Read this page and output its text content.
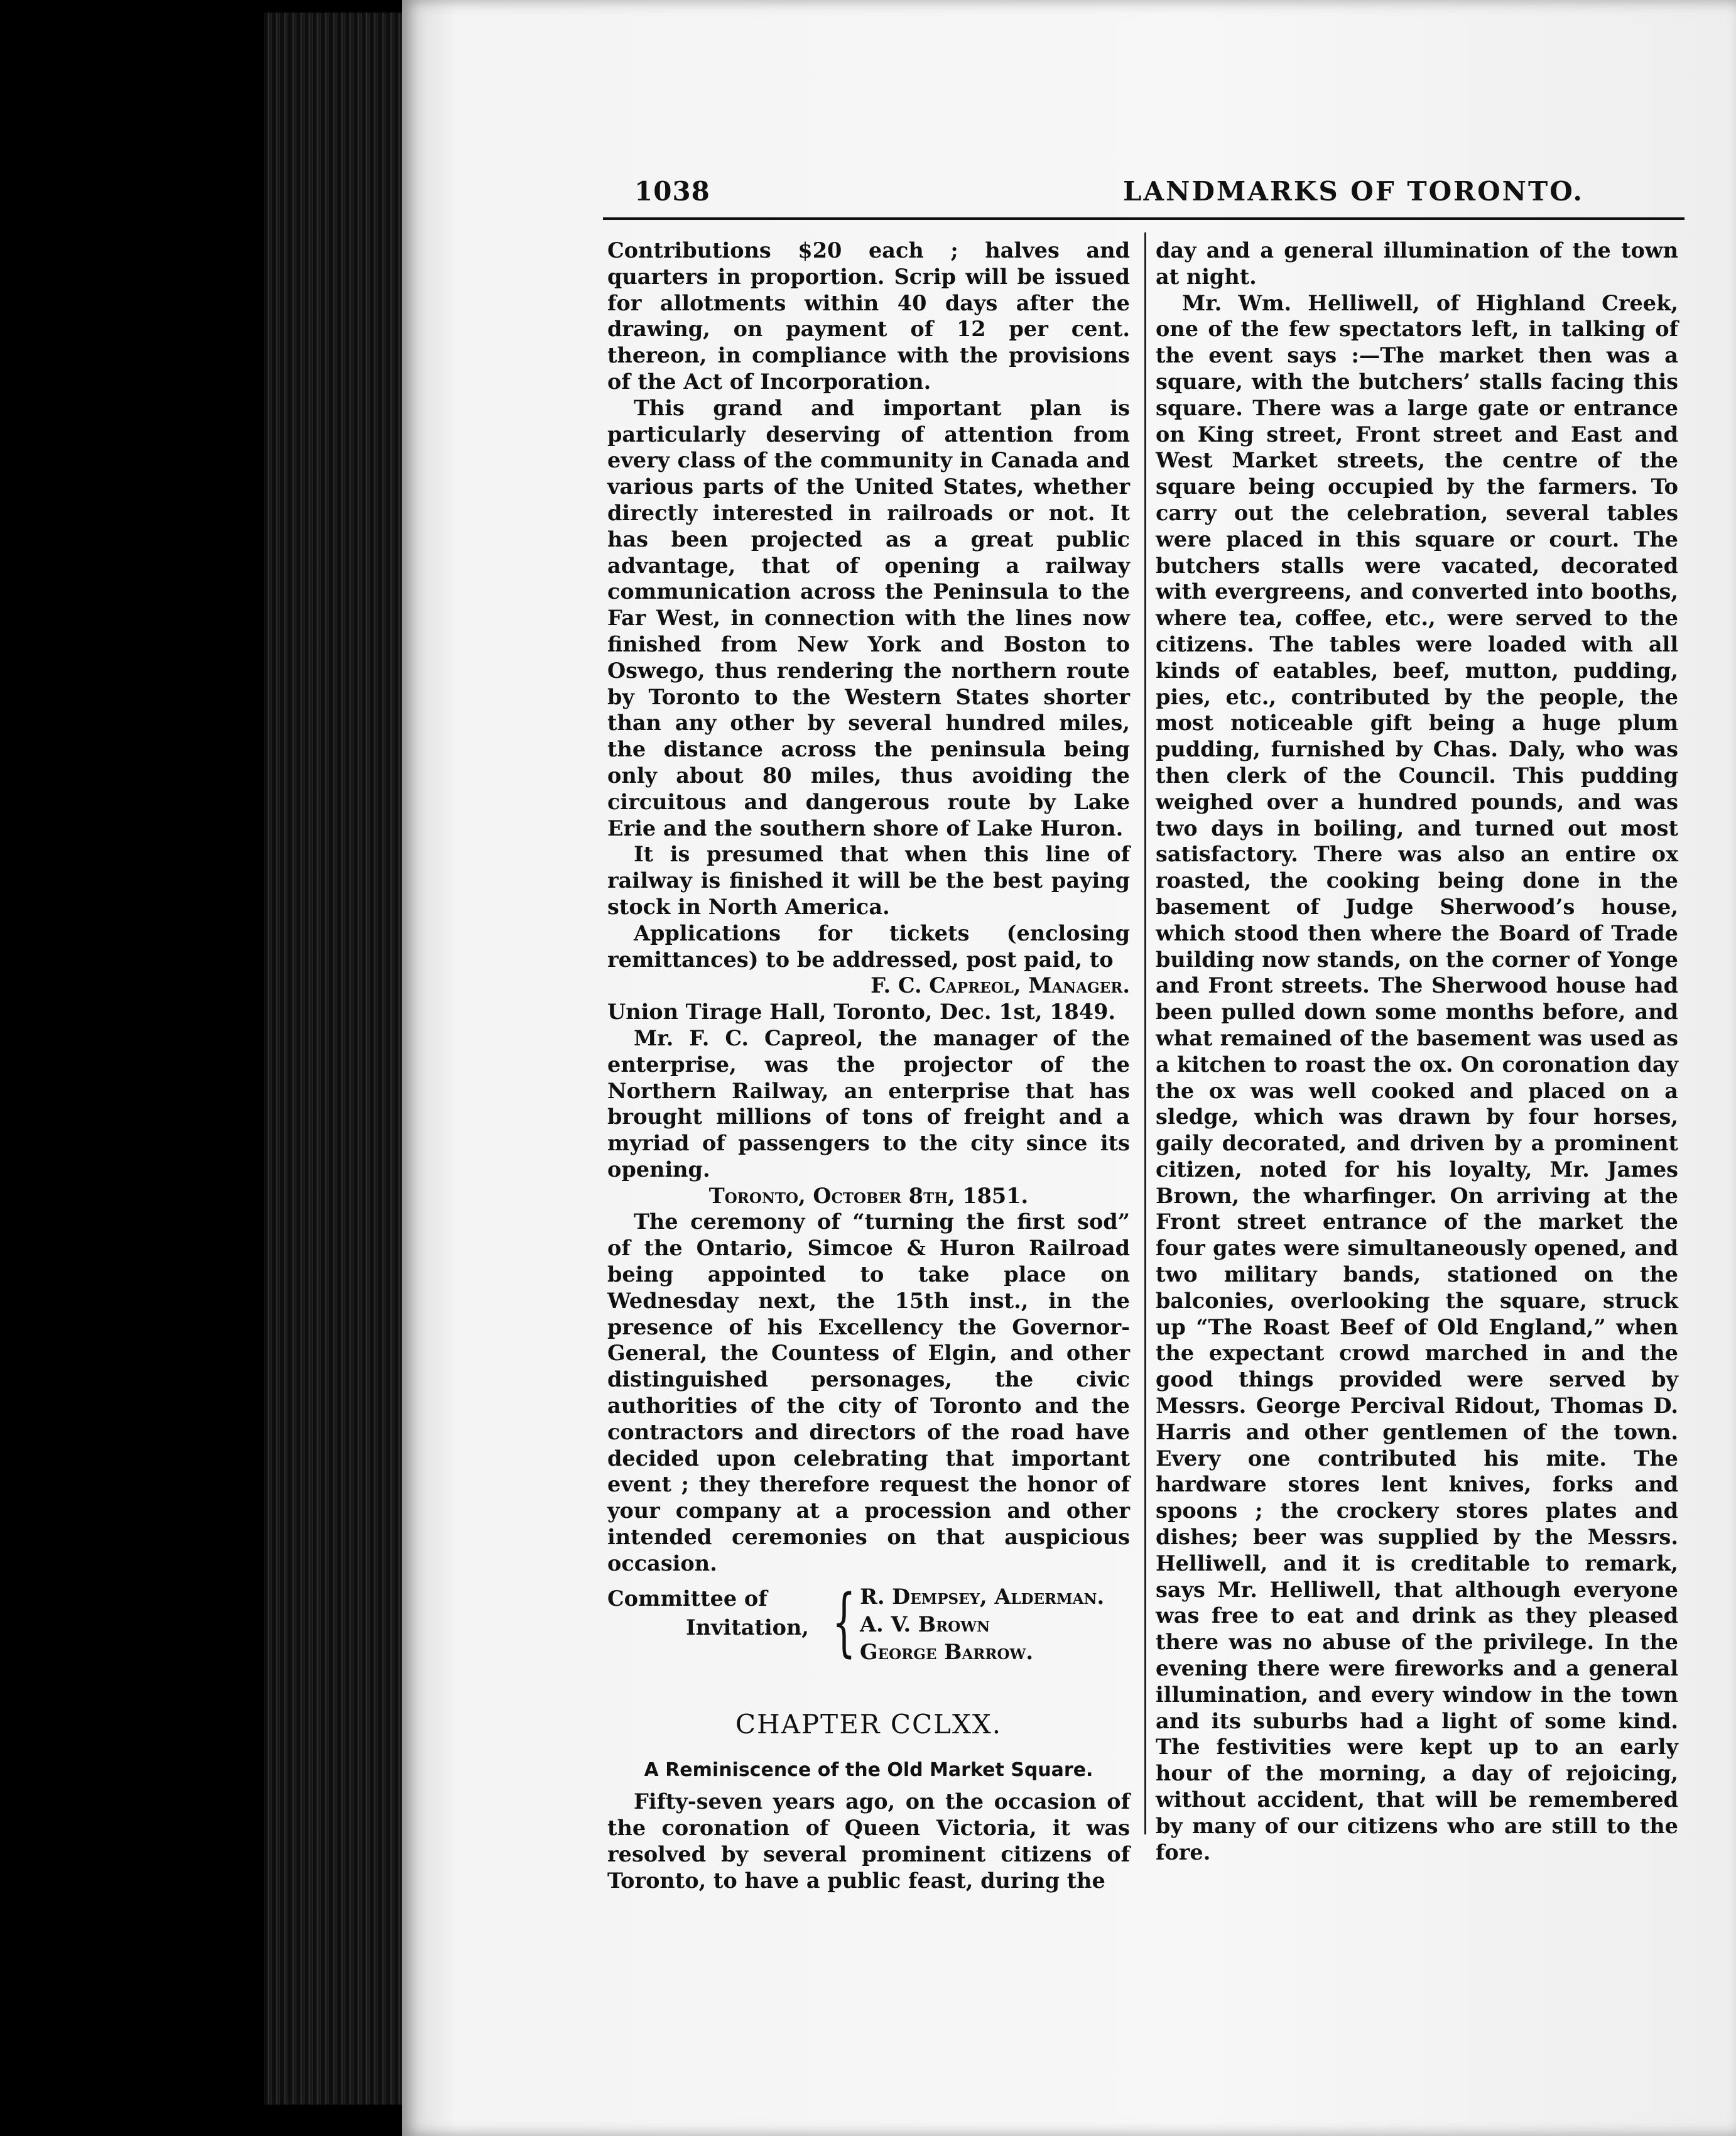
1038	LANDMARKS OF TORONTO.

Contributions $20 each ; halves and quarters in proportion. Scrip will be issued for allotments within 40 days after the drawing, on payment of 12 per cent. thereon, in compliance with the provisions of the Act of Incorporation.

This grand and important plan is particularly deserving of attention from every class of the community in Canada and various parts of the United States, whether directly interested in railroads or not. It has been projected as a great public advantage, that of opening a railway communication across the Peninsula to the Far West, in connection with the lines now finished from New York and Boston to Oswego, thus rendering the northern route by Toronto to the Western States shorter than any other by several hundred miles, the distance across the peninsula being only about 80 miles, thus avoiding the circuitous and dangerous route by Lake Erie and the southern shore of Lake Huron.

It is presumed that when this line of railway is finished it will be the best paying stock in North America.

Applications for tickets (enclosing remittances) to be addressed, post paid, to

F. C. Capreol, Manager.

Union Tirage Hall, Toronto, Dec. 1st, 1849.

Mr. F. C. Capreol, the manager of the enterprise, was the projector of the Northern Railway, an enterprise that has brought millions of tons of freight and a myriad of passengers to the city since its opening.

Toronto, October 8th, 1851.

The ceremony of “turning the first sod” of the Ontario, Simcoe & Huron Railroad being appointed to take place on Wednesday next, the 15th inst., in the presence of his Excellency the Governor-General, the Countess of Elgin, and other distinguished personages, the civic authorities of the city of Toronto and the contractors and directors of the road have decided upon celebrating that important event ; they therefore request the honor of your company at a procession and other intended ceremonies on that auspicious occasion.

Committee of
Invitation, { R. Dempsey, Alderman.
A. V. Brown
George Barrow.
CHAPTER CCLXX.
A Reminiscence of the Old Market Square.

Fifty-seven years ago, on the occasion of the coronation of Queen Victoria, it was resolved by several prominent citizens of Toronto, to have a public feast, during the

day and a general illumination of the town at night.

Mr. Wm. Helliwell, of Highland Creek, one of the few spectators left, in talking of the event says :—The market then was a square, with the butchers’ stalls facing this square. There was a large gate or entrance on King street, Front street and East and West Market streets, the centre of the square being occupied by the farmers. To carry out the celebration, several tables were placed in this square or court. The butchers stalls were vacated, decorated with evergreens, and converted into booths, where tea, coffee, etc., were served to the citizens. The tables were loaded with all kinds of eatables, beef, mutton, pudding, pies, etc., contributed by the people, the most noticeable gift being a huge plum pudding, furnished by Chas. Daly, who was then clerk of the Council. This pudding weighed over a hundred pounds, and was two days in boiling, and turned out most satisfactory. There was also an entire ox roasted, the cooking being done in the basement of Judge Sherwood’s house, which stood then where the Board of Trade building now stands, on the corner of Yonge and Front streets. The Sherwood house had been pulled down some months before, and what remained of the basement was used as a kitchen to roast the ox. On coronation day the ox was well cooked and placed on a sledge, which was drawn by four horses, gaily decorated, and driven by a prominent citizen, noted for his loyalty, Mr. James Brown, the wharfinger. On arriving at the Front street entrance of the market the four gates were simultaneously opened, and two military bands, stationed on the balconies, overlooking the square, struck up “The Roast Beef of Old England,” when the expectant crowd marched in and the good things provided were served by Messrs. George Percival Ridout, Thomas D. Harris and other gentlemen of the town. Every one contributed his mite. The hardware stores lent knives, forks and spoons ; the crockery stores plates and dishes; beer was supplied by the Messrs. Helliwell, and it is creditable to remark, says Mr. Helliwell, that although everyone was free to eat and drink as they pleased there was no abuse of the privilege. In the evening there were fireworks and a general illumination, and every window in the town and its suburbs had a light of some kind. The festivities were kept up to an early hour of the morning, a day of rejoicing, without accident, that will be remembered by many of our citizens who are still to the fore.
